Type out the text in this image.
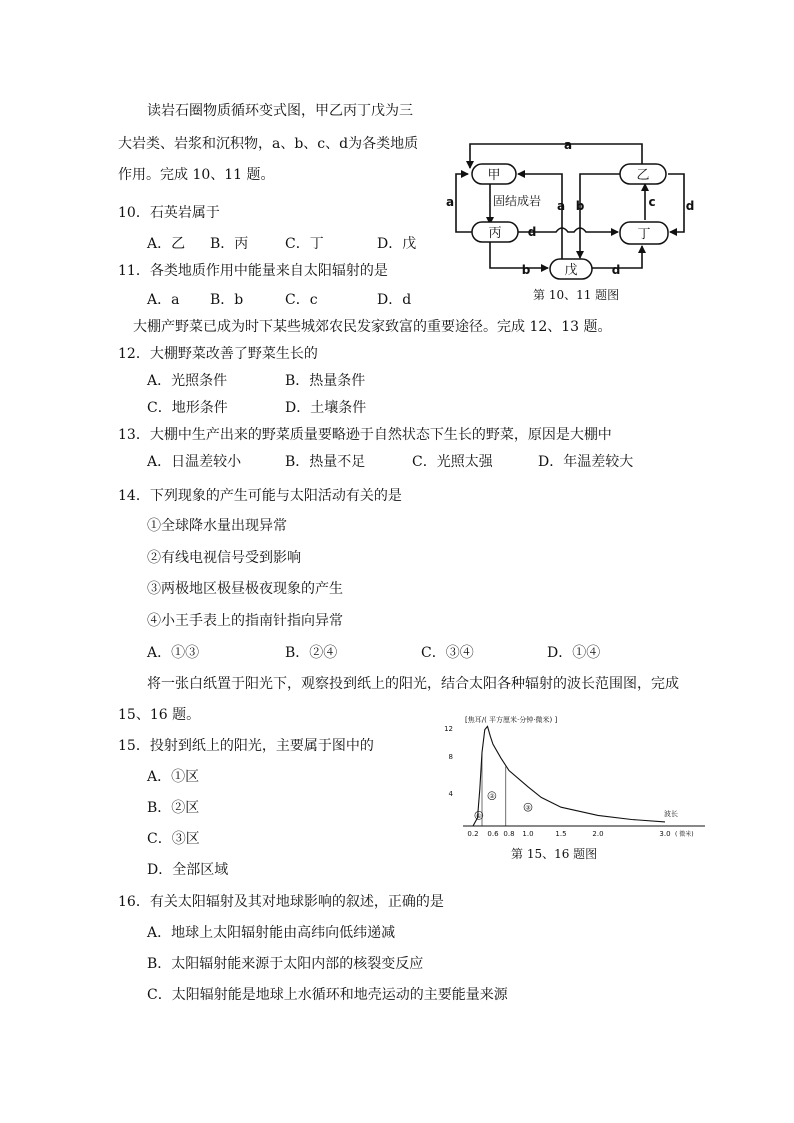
读岩石圈物质循环变式图，甲乙丙丁戊为三
大岩类、岩浆和沉积物，a、b、c、d为各类地质
作用。完成 10、11 题。
10．石英岩属于
A．乙 B．丙	C．丁	D．戊
11．各类地质作用中能量来自太阳辐射的是
A．a B．b	C．c	D．d
甲	乙
丙	丁
戊
a
a	a b	c	d
d
b	d
固结成岩
第 10、11 题图
大棚产野菜已成为时下某些城郊农民发家致富的重要途径。完成 12、13 题。
12．大棚野菜改善了野菜生长的
A．光照条件	B．热量条件
C．地形条件	D．土壤条件
13．大棚中生产出来的野菜质量要略逊于自然状态下生长的野菜，原因是大棚中
A．日温差较小	B．热量不足	C．光照太强	D．年温差较大
14．下列现象的产生可能与太阳活动有关的是
①全球降水量出现异常
②有线电视信号受到影响
③两极地区极昼极夜现象的产生
④小王手表上的指南针指向异常
A．①③	B．②④	C．③④	D．①④
将一张白纸置于阳光下，观察投到纸上的阳光，结合太阳各种辐射的波长范围图，完成
15、16 题。
15．投射到纸上的阳光，主要属于图中的
A．①区
B．②区
C．③区
D．全部区域
[焦耳/( 平方厘米·分钟·微米) ]
12
8
4
0.2 0.6 0.8 1.0	1.5	2.0	3.0
①
②
③
波长
( 微米)
第 15、16 题图
16．有关太阳辐射及其对地球影响的叙述，正确的是
A．地球上太阳辐射能由高纬向低纬递减
B．太阳辐射能来源于太阳内部的核裂变反应
C．太阳辐射能是地球上水循环和地壳运动的主要能量来源
